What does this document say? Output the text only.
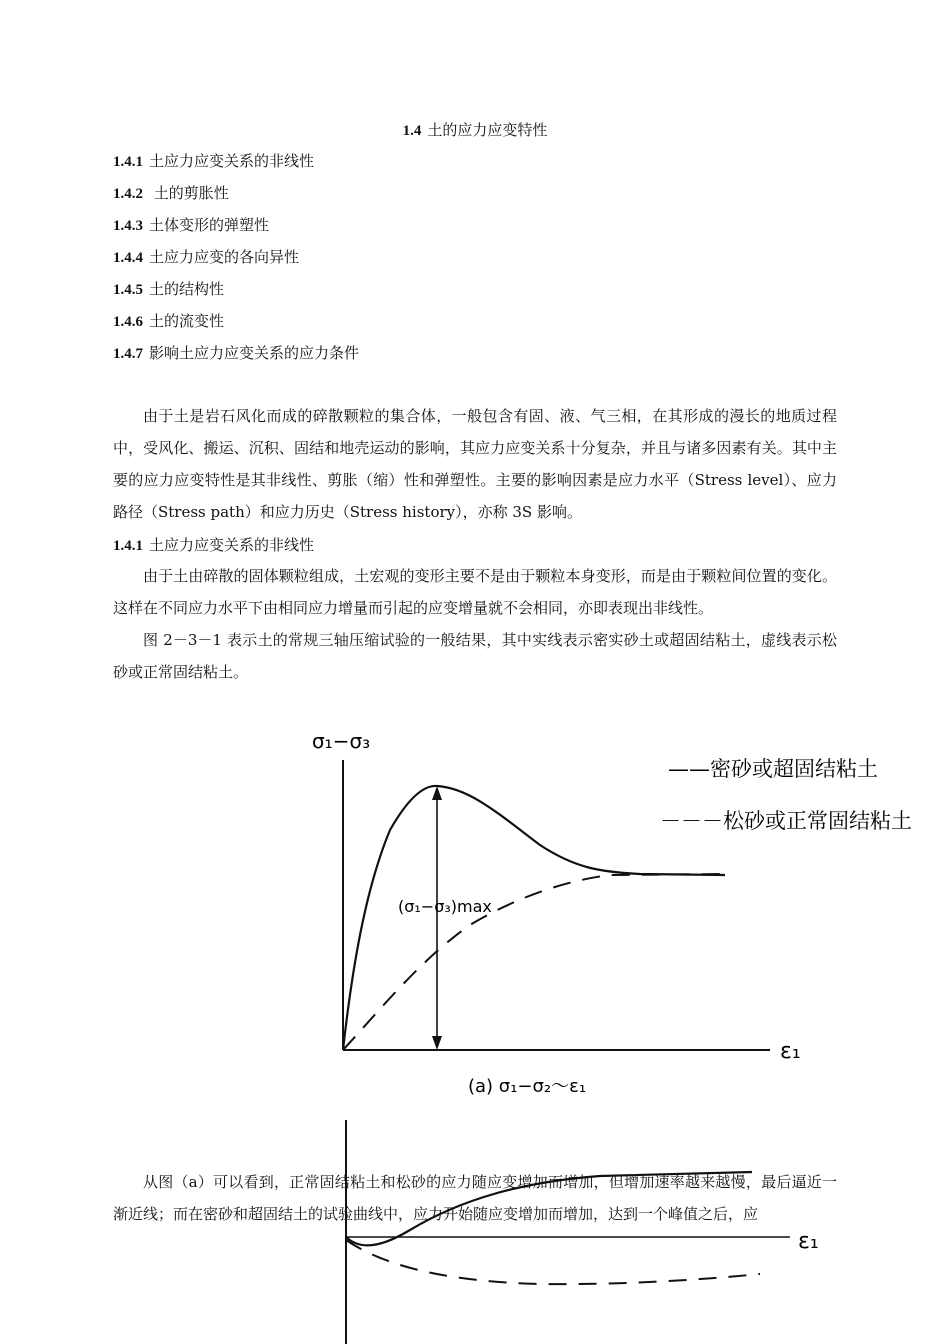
1.4 土的应力应变特性
1.4.1 土应力应变关系的非线性
1.4.2 土的剪胀性
1.4.3 土体变形的弹塑性
1.4.4 土应力应变的各向异性
1.4.5 土的结构性
1.4.6 土的流变性
1.4.7 影响土应力应变关系的应力条件
由于土是岩石风化而成的碎散颗粒的集合体，一般包含有固、液、气三相，在其形成的漫长的地质过程中，受风化、搬运、沉积、固结和地壳运动的影响，其应力应变关系十分复杂，并且与诸多因素有关。其中主要的应力应变特性是其非线性、剪胀（缩）性和弹塑性。主要的影响因素是应力水平（Stress level）、应力路径（Stress path）和应力历史（Stress history），亦称 3S 影响。
1.4.1 土应力应变关系的非线性
由于土由碎散的固体颗粒组成，土宏观的变形主要不是由于颗粒本身变形，而是由于颗粒间位置的变化。这样在不同应力水平下由相同应力增量而引起的应变增量就不会相同，亦即表现出非线性。
图 2－3－1 表示土的常规三轴压缩试验的一般结果，其中实线表示密实砂土或超固结粘土，虚线表示松砂或正常固结粘土。
σ₁−σ₃
ε₁
(σ₁−σ₃)max
(a) σ₁−σ₂～ε₁
——密砂或超固结粘土
－－－松砂或正常固结粘土
ε₁
从图（a）可以看到，正常固结粘土和松砂的应力随应变增加而增加，但增加速率越来越慢，最后逼近一渐近线；而在密砂和超固结土的试验曲线中，应力开始随应变增加而增加，达到一个峰值之后，应
